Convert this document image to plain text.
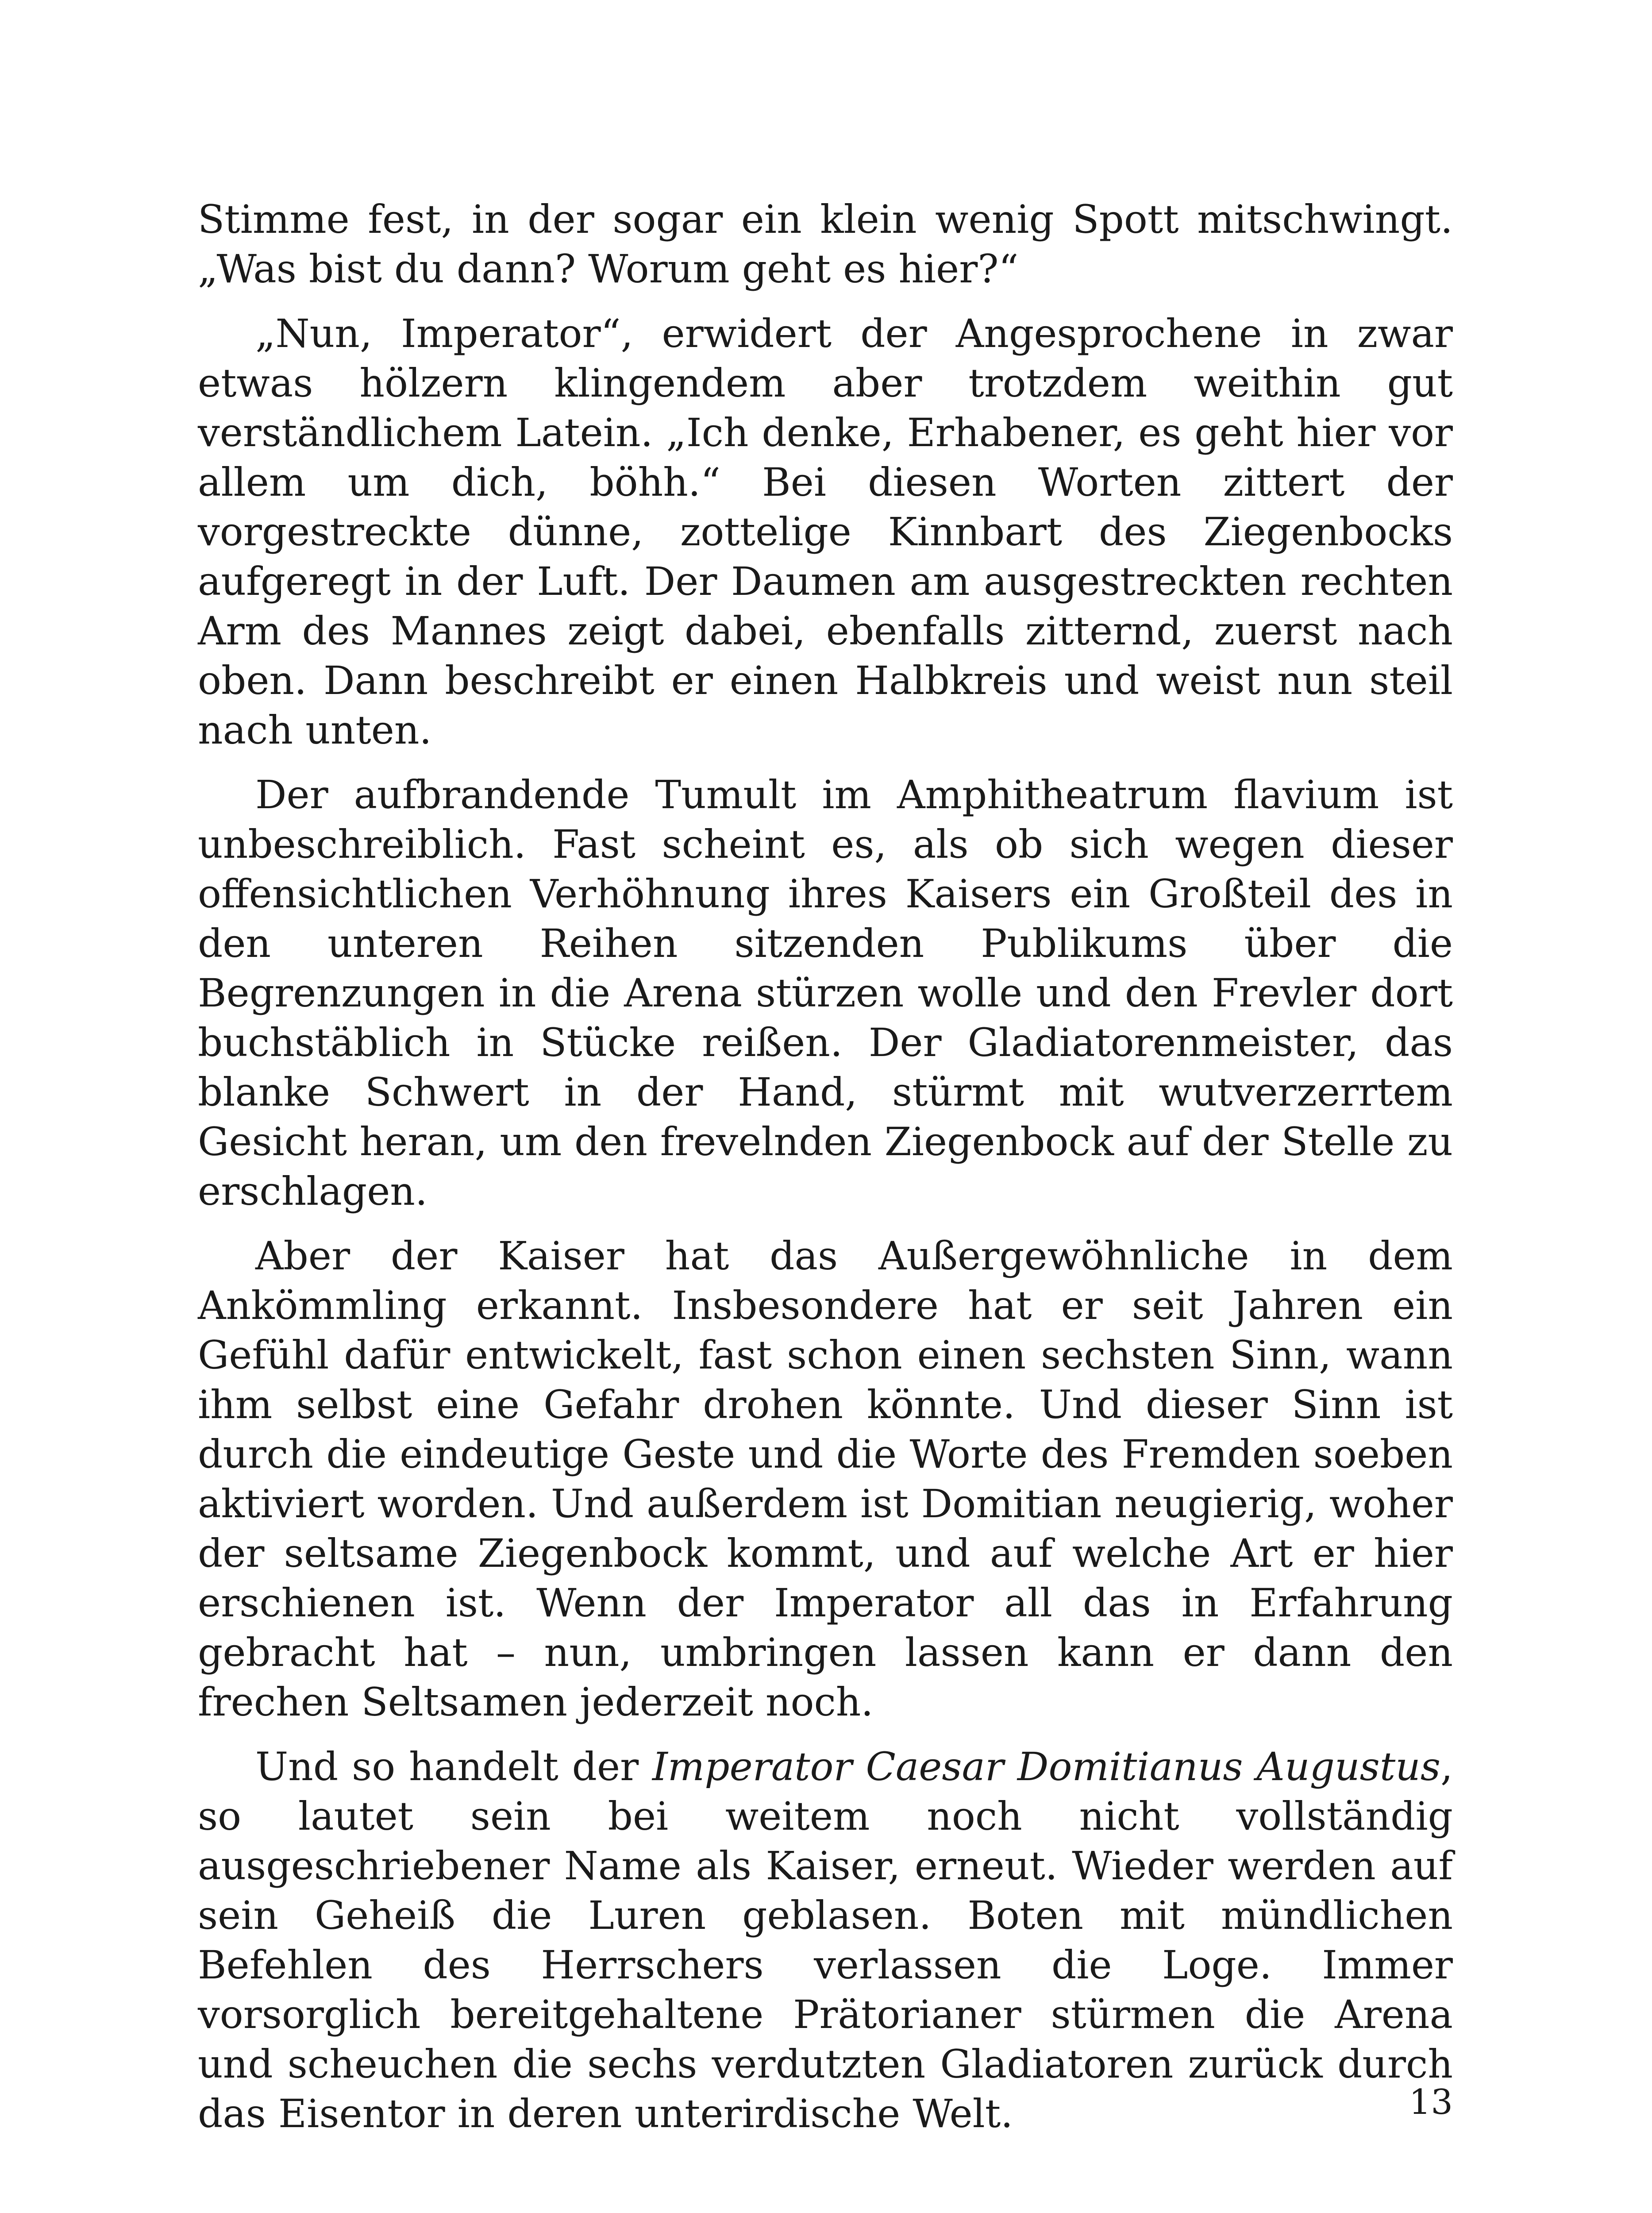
Stimme fest, in der sogar ein klein wenig Spott mitschwingt. „Was bist du dann? Worum geht es hier?“

„Nun, Imperator“, erwidert der Angesprochene in zwar etwas hölzern klingendem aber trotzdem weithin gut verständlichem Latein. „Ich denke, Erhabener, es geht hier vor allem um dich, böhh.“ Bei diesen Worten zittert der vorgestreckte dünne, zottelige Kinnbart des Ziegenbocks aufgeregt in der Luft. Der Daumen am ausgestreckten rechten Arm des Mannes zeigt dabei, ebenfalls zitternd, zuerst nach oben. Dann beschreibt er einen Halbkreis und weist nun steil nach unten.

Der aufbrandende Tumult im Amphitheatrum flavium ist unbeschreiblich. Fast scheint es, als ob sich wegen dieser offensichtlichen Verhöhnung ihres Kaisers ein Großteil des in den unteren Reihen sitzenden Publikums über die Begrenzungen in die Arena stürzen wolle und den Frevler dort buchstäblich in Stücke reißen. Der Gladiatorenmeister, das blanke Schwert in der Hand, stürmt mit wutverzerrtem Gesicht heran, um den frevelnden Ziegenbock auf der Stelle zu erschlagen.

Aber der Kaiser hat das Außergewöhnliche in dem Ankömmling erkannt. Insbesondere hat er seit Jahren ein Gefühl dafür entwickelt, fast schon einen sechsten Sinn, wann ihm selbst eine Gefahr drohen könnte. Und dieser Sinn ist durch die eindeutige Geste und die Worte des Fremden soeben aktiviert worden. Und außerdem ist Domitian neugierig, woher der seltsame Ziegenbock kommt, und auf welche Art er hier erschienen ist. Wenn der Imperator all das in Erfahrung gebracht hat – nun, umbringen lassen kann er dann den frechen Seltsamen jederzeit noch.

Und so handelt der Imperator Caesar Domitianus Augustus, so lautet sein bei weitem noch nicht vollständig ausgeschriebener Name als Kaiser, erneut. Wieder werden auf sein Geheiß die Luren geblasen. Boten mit mündlichen Befehlen des Herrschers verlassen die Loge. Immer vorsorglich bereitgehaltene Prätorianer stürmen die Arena und scheuchen die sechs verdutzten Gladiatoren zurück durch das Eisentor in deren unterirdische Welt.	13
